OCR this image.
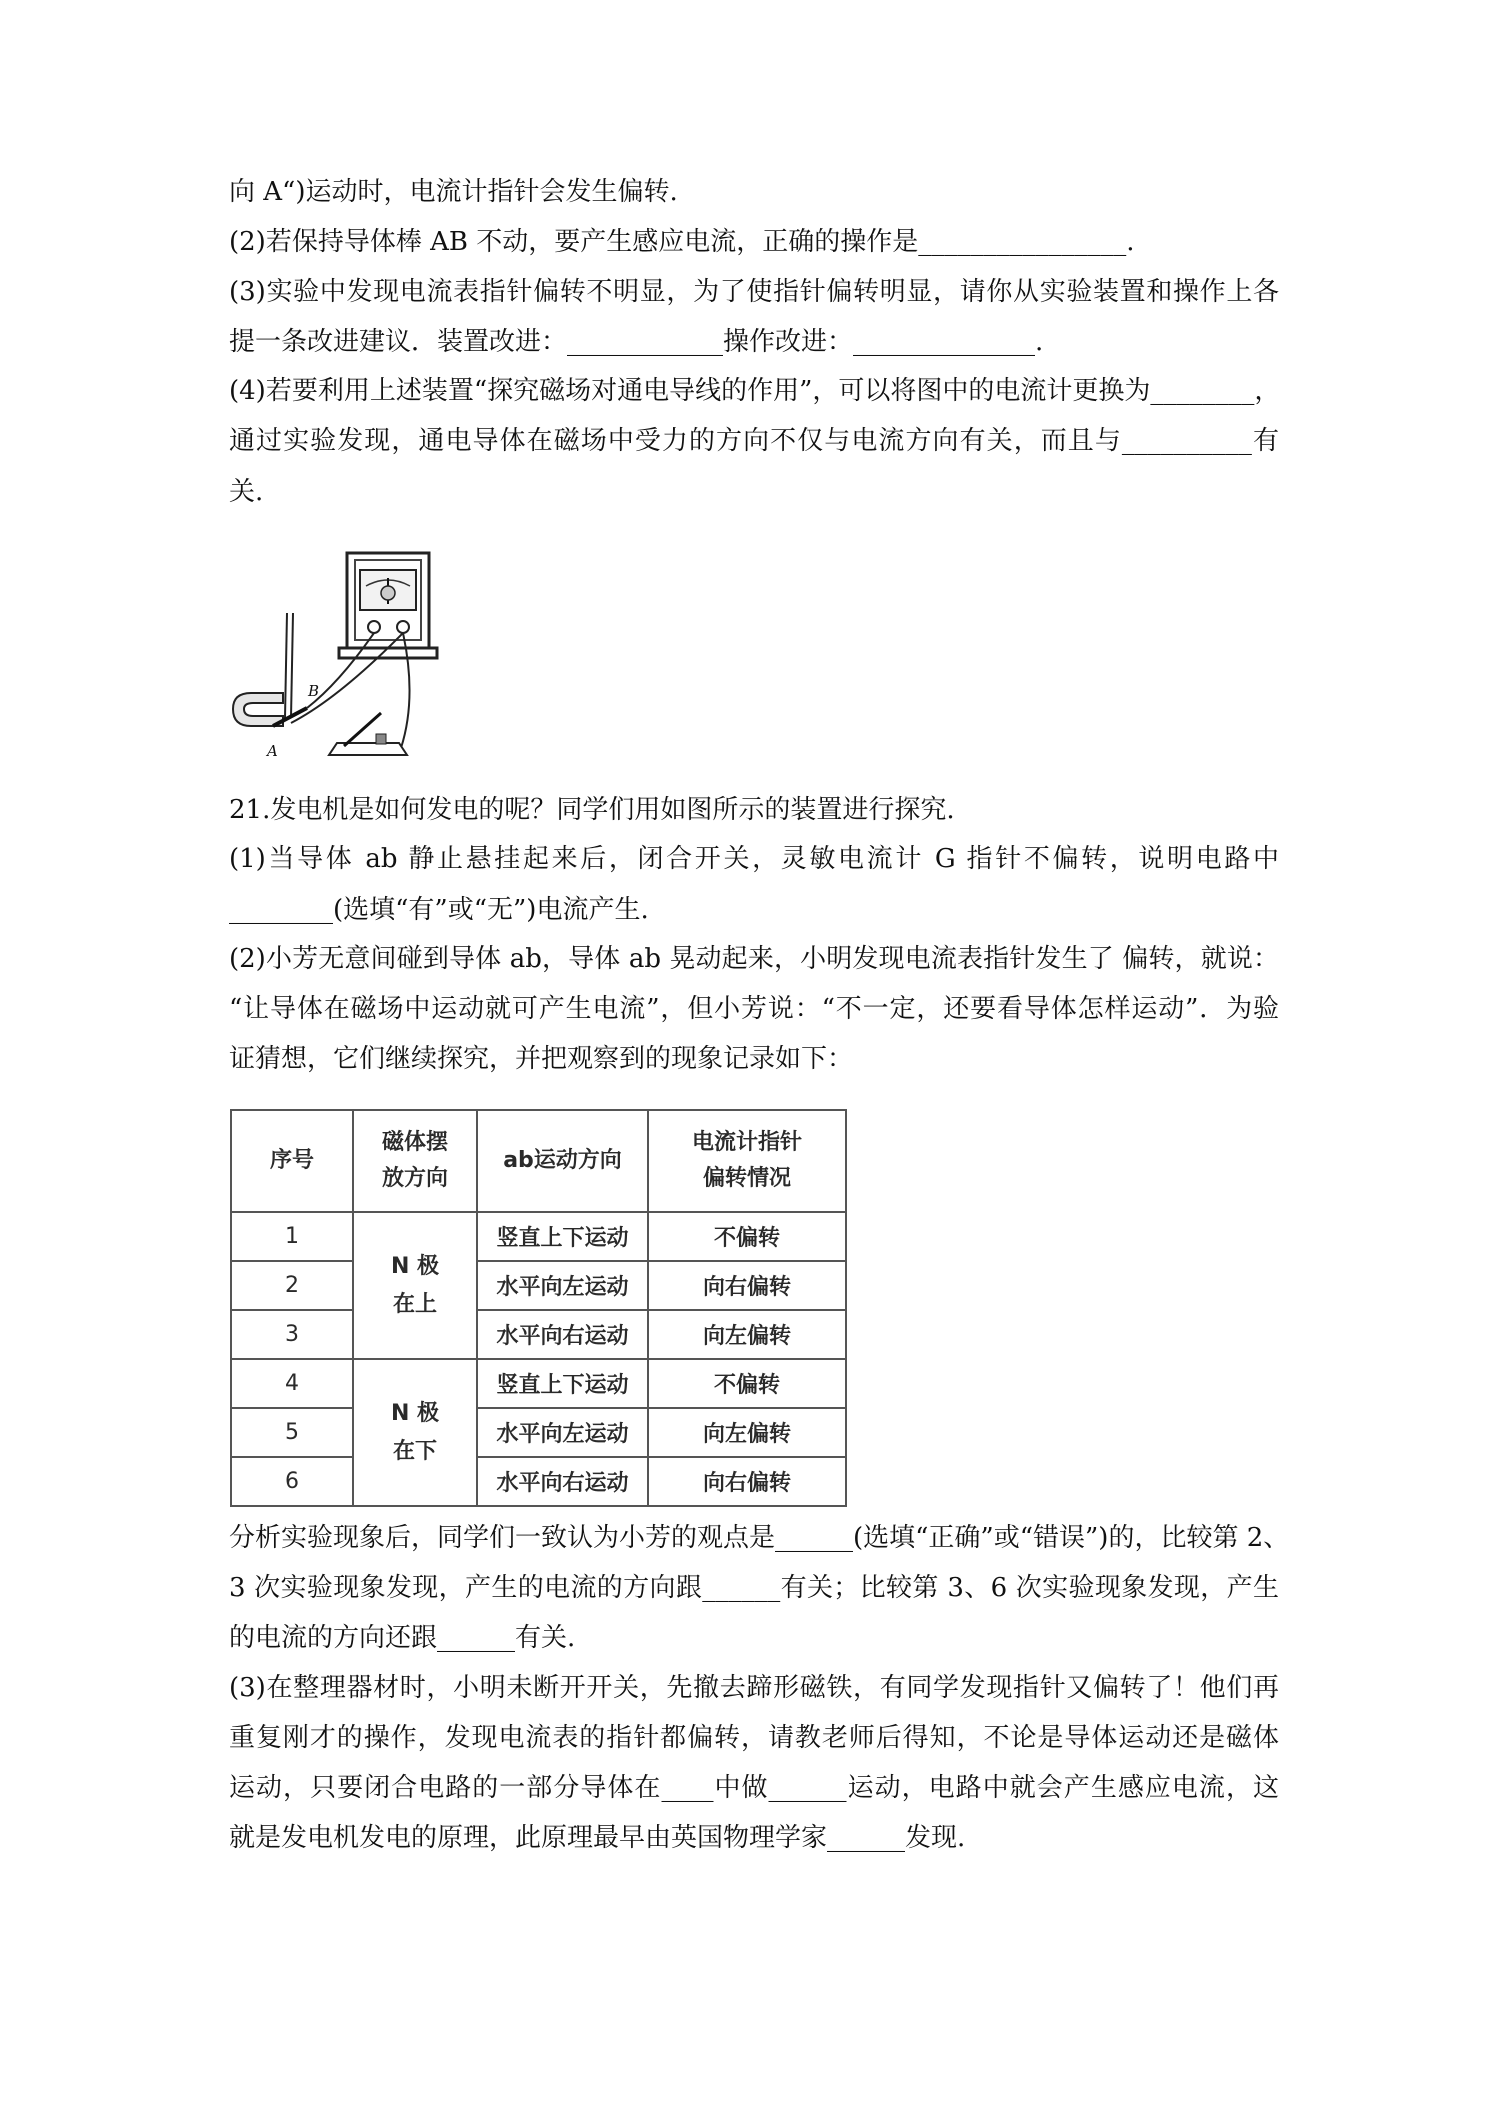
向 A“)运动时，电流计指针会发生偏转.
(2)若保持导体棒 AB 不动，要产生感应电流，正确的操作是________________.
(3)实验中发现电流表指针偏转不明显，为了使指针偏转明显，请你从实验装置和操作上各
提一条改进建议．装置改进：____________操作改进：______________.
(4)若要利用上述装置“探究磁场对通电导线的作用”，可以将图中的电流计更换为________，
通过实验发现，通电导体在磁场中受力的方向不仅与电流方向有关，而且与__________有
关.
B
A
21.发电机是如何发电的呢？同学们用如图所示的装置进行探究.
(1)当导体 ab 静止悬挂起来后，闭合开关，灵敏电流计 G 指针不偏转，说明电路中
________(选填“有”或“无”)电流产生.
(2)小芳无意间碰到导体 ab，导体 ab 晃动起来，小明发现电流表指针发生了 偏转，就说：
“让导体在磁场中运动就可产生电流”，但小芳说：“不一定，还要看导体怎样运动”．为验
证猜想，它们继续探究，并把观察到的现象记录如下：
序号	磁体摆
放方向	ab运动方向	电流计指针
偏转情况
1	N 极
在上	竖直上下运动	不偏转
2		水平向左运动	向右偏转
3		水平向右运动	向左偏转
4	N 极
在下	竖直上下运动	不偏转
5		水平向左运动	向左偏转
6		水平向右运动	向右偏转
分析实验现象后，同学们一致认为小芳的观点是______(选填“正确”或“错误”)的，比较第 2、
3 次实验现象发现，产生的电流的方向跟______有关；比较第 3、6 次实验现象发现，产生
的电流的方向还跟______有关.
(3)在整理器材时，小明未断开开关，先撤去蹄形磁铁，有同学发现指针又偏转了！他们再
重复刚才的操作，发现电流表的指针都偏转，请教老师后得知，不论是导体运动还是磁体
运动，只要闭合电路的一部分导体在____中做______运动，电路中就会产生感应电流，这
就是发电机发电的原理，此原理最早由英国物理学家______发现.
